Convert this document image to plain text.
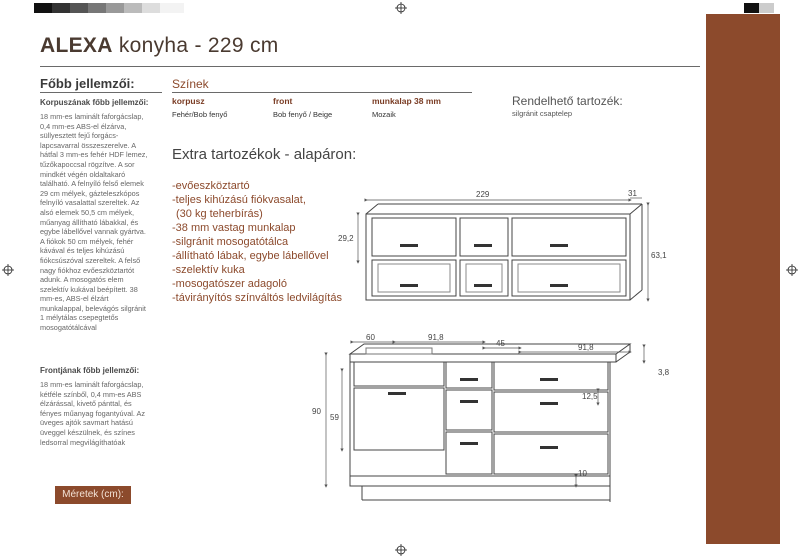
ALEXA konyha - 229 cm
Főbb jellemzői:
Korpuszának főbb jellemzői:
18 mm-es laminált faforgácslap,
0,4 mm-es ABS-el élzárva,
süllyesztett fejű forgács-
lapcsavarral összeszerelve. A
hátfal 3 mm-es fehér HDF lemez,
tűzőkapoccsal rögzítve. A sor
mindkét végén oldaltakaró
található. A felnyíló felső elemek
29 cm mélyek, gázteleszkópos
felnyíló vasalattal szereltek. Az
alsó elemek 50,5 cm mélyek,
műanyag állítható lábakkal, és
egybe lábellővel vannak gyártva.
A fiókok 50 cm mélyek, fehér
kávával és teljes kihúzású
fiókcsúszóval szereltek. A felső
nagy fiókhoz evőeszköztartót
adunk. A mosogatós elem
szelektív kukával beépített. 38
mm-es, ABS-el élzárt
munkalappal, belevágós silgránit
1 mélytálas csepegtetős
mosogatótálcával
Frontjának főbb jellemzői:
18 mm-es laminált faforgácslap,
kétféle színből, 0,4 mm-es ABS
élzárással, kivető pánttal, és
fényes műanyag fogantyúval. Az
üveges ajtók savmart hatású
üveggel készülnek, és színes
ledsorral megvilágíthatóak
Méretek (cm):
Színek
korpusz	front	munkalap 38 mm
Fehér/Bob fenyő	Bob fenyő / Beige	Mozaik
Rendelhető tartozék:
silgránit csaptelep
Extra tartozékok - alapáron:
-evőeszköztartó
-teljes kihúzású fiókvasalat,
(30 kg teherbírás)
-38 mm vastag munkalap
-silgránit mosogatótálca
-állítható lábak, egybe lábellővel
-szelektív kuka
-mosogatószer adagoló
-távirányítós színváltós ledvilágítás
229	31
29,2
63,1
60	91,8
45	91,8
3,8
12,5
10
90
59
